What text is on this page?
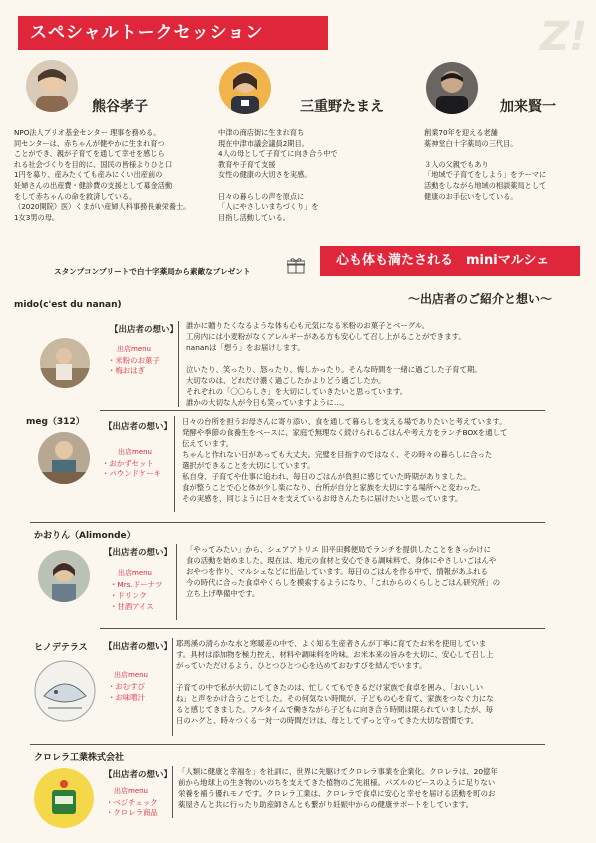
スペシャルトークセッション	Z!
熊谷孝子
NPO法人プリオ基金センター 理事を務める。
同センターは、赤ちゃんが健やかに生まれ育つ
ことができ、親が子育てを通して幸せを感じら
れる社会づくりを目的に、国民の皆様よりひと口
1円を募り、産みたくても産みにくい出産前の
妊婦さんの出産費・健診費の支援として募金活動
をして赤ちゃんの命を救済している。
（2020開院）医）くまがい産婦人科事務長兼栄養士。
1女3男の母。
三重野たまえ
中津の商店街に生まれ育ち
現在中津市議会議員2期目。
4人の母として子育てに向き合う中で
教育や子育て支援
女性の健康の大切さを実感。

日々の暮らしの声を原点に
「人にやさしいまちづくり」を
目指し活動している。
加来賢一
創業70年を迎える老舗
薬神堂白十字薬局の三代目。

３人の父親でもあり
「地域で子育てをしよう」をテーマに
活動をしながら地域の相談薬局として
健康のお手伝いをしている。
スタンプコンプリートで白十字薬局から素敵なプレゼント
心も体も満たされる　miniマルシェ
～出店者のご紹介と想い～
mido(c'est du nanan)
【出店者の想い】
出店menu
・米粉のお菓子
・梅おはぎ
誰かに贈りたくなるような体も心も元気になる米粉のお菓子とベーグル。
工房内には小麦粉がなくアレルギーがある方も安心して召し上がることができます。
nananは「想う」をお届けします。

泣いたり、笑ったり、怒ったり、悔しかったり。そんな時間を一緒に過ごした子育て期。
大切なのは、どれだけ濃く過ごしたかよりどう過ごしたか。
それぞれの「〇〇らしさ」を大切にしていきたいと思っています。
誰かの大切な人が今日も笑っていますように…。
meg（312） 【出店者の想い】
出店menu
・おかずセット
・パウンドケーキ
日々の台所を担うお母さんに寄り添い、食を通して暮らしを支える場でありたいと考えています。
発酵や季節の食養生をベースに、家庭で無理なく続けられるごはんや考え方をランチBOXを通して
伝えています。
ちゃんと作れない日があっても大丈夫。完璧を目指すのではなく、その時々の暮らしに合った
選択ができることを大切にしています。
私自身、子育てや仕事に追われ、毎日のごはんが負担に感じていた時期がありました。
食が整うことで心と体が少し楽になり、台所が自分と家族を大切にする場所へと変わった。
その実感を、同じように日々を支えているお母さんたちに届けたいと思っています。
かおりん（Alimonde）
【出店者の想い】
出店menu
・Mrs.ドーナツ
・ドリンク
・甘酒アイス
「やってみたい」から、シェアアトリエ 旧平田郵便局でランチを提供したことをきっかけに
食の活動を始めました。現在は、地元の食材と安心できる調味料で、身体にやさしいごはんや
おやつを作り、マルシェなどに出品しています。毎日のごはんを作る中で、情報があふれる
今の時代に合った食卓やくらしを模索するようになり、「これからのくらしとごはん研究所」の
立ち上げ準備中です。
ヒノデテラス 【出店者の想い】
出店menu
・おむすび
・お味噌汁
耶馬溪の清らかな水と寒暖差の中で、よく知る生産者さんが丁寧に育てたお米を使用していま
す。具材は添加物を極力控え、材料や調味料を吟味。お米本来の旨みを大切に、安心して召し上
がっていただけるよう、ひとつひとつ心を込めておむすびを結んでいます。

子育ての中で私が大切にしてきたのは、忙しくてもできるだけ家族で食卓を囲み、「おいしい
ね」と声をかけ合うことでした。その何気ない時間が、子どもの心を育て、家族をつなぐ力にな
ると感じてきました。フルタイムで働きながら子どもに向き合う時間は限られていましたが、毎
日のハグと、時々つくる一対一の時間だけは、母としてずっと守ってきた大切な習慣です。
クロレラ工業株式会社
【出店者の想い】
出店menu
・ベジチェック
・クロレラ商品
「人類に健康と幸福を」を社訓に、世界に先駆けてクロレラ事業を企業化。クロレラは、20億年
前から地球上の生き物のいのちを支えてきた植物のご先祖様。パズルのピースのように足りない
栄養を補う優れモノです。クロレラ工業は、クロレラで食卓に安心と幸せを届ける活動を町のお
薬屋さんと共に行ったり助産師さんとも繋がり妊娠中からの健康サポートをしています。
